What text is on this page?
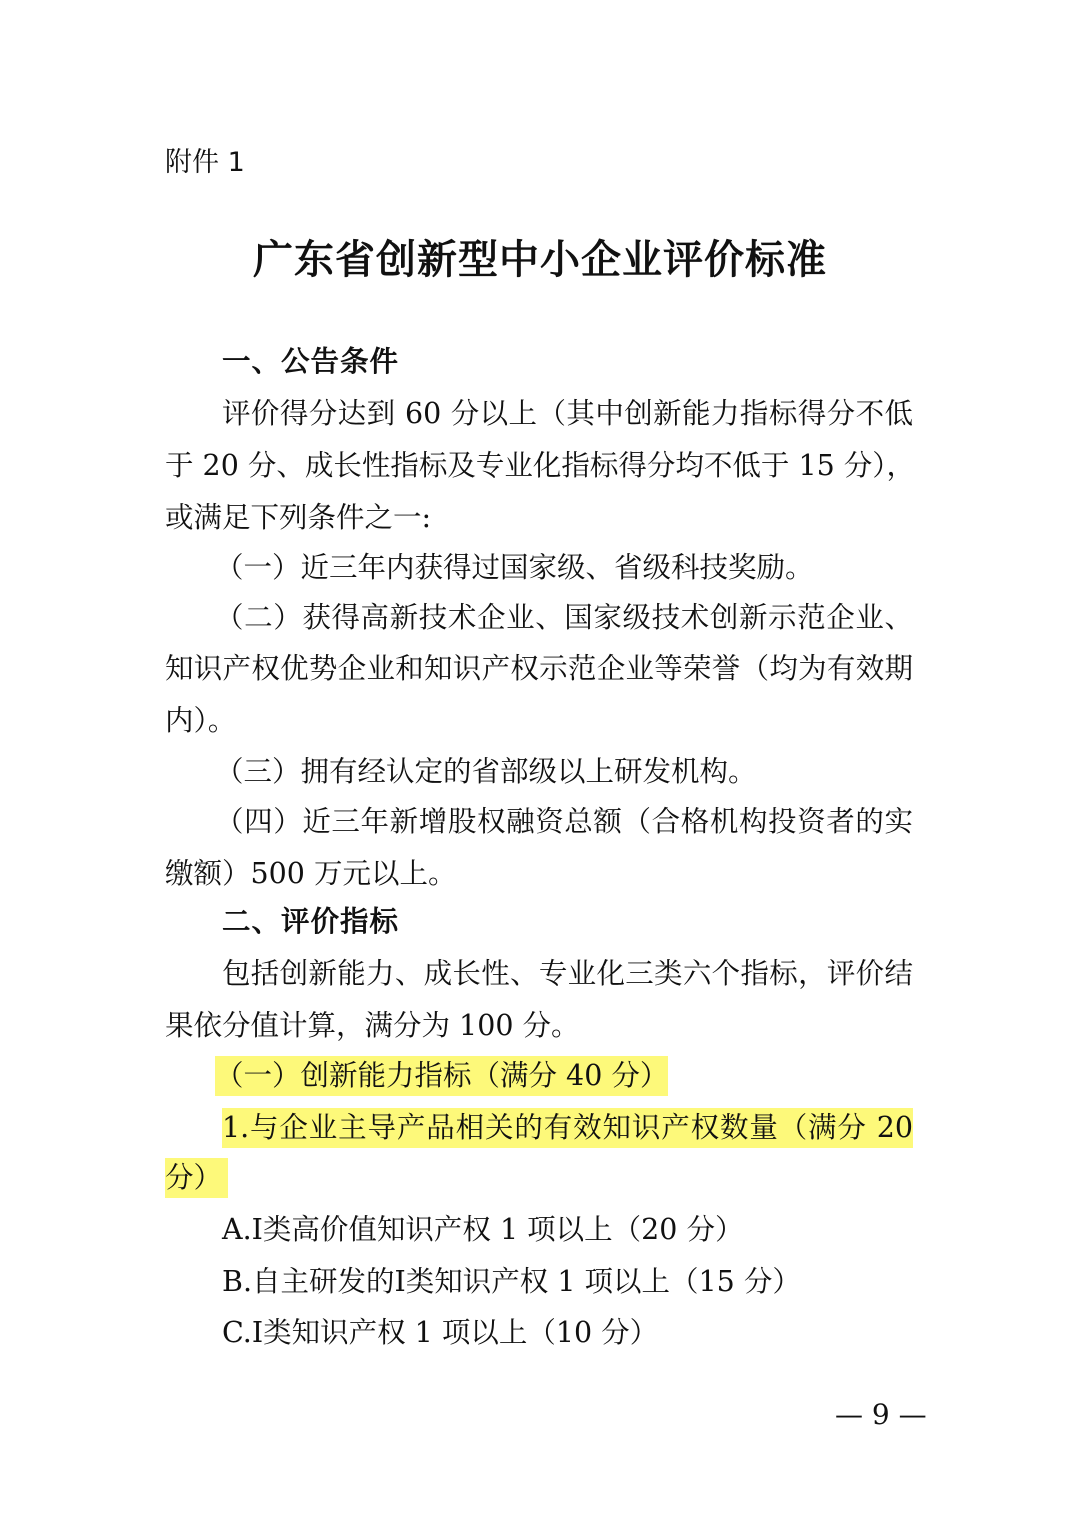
附件 1
广东省创新型中小企业评价标准
一、公告条件
评价得分达到 60 分以上（其中创新能力指标得分不低
于 20 分、成长性指标及专业化指标得分均不低于 15 分），
或满足下列条件之一:
（一）近三年内获得过国家级、省级科技奖励。
（二）获得高新技术企业、国家级技术创新示范企业、
知识产权优势企业和知识产权示范企业等荣誉（均为有效期
内）。
（三）拥有经认定的省部级以上研发机构。
（四）近三年新增股权融资总额（合格机构投资者的实
缴额）500 万元以上。
二、评价指标
包括创新能力、成长性、专业化三类六个指标，评价结
果依分值计算，满分为 100 分。
（一）创新能力指标（满分 40 分）
1.与企业主导产品相关的有效知识产权数量（满分 20
分）
A.Ⅰ类高价值知识产权 1 项以上（20 分）
B.自主研发的Ⅰ类知识产权 1 项以上（15 分）
C.Ⅰ类知识产权 1 项以上（10 分）
— 9 —
